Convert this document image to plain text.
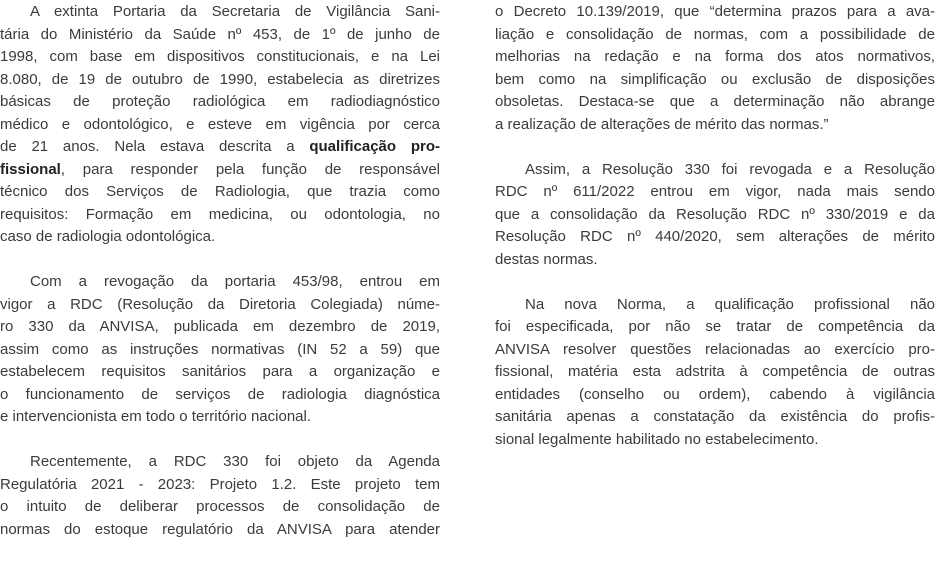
A extinta Portaria da Secretaria de Vigilância Sani-
tária do Ministério da Saúde nº 453, de 1º de junho de
1998, com base em dispositivos constitucionais, e na Lei
8.080, de 19 de outubro de 1990, estabelecia as diretrizes
básicas de proteção radiológica em radiodiagnóstico
médico e odontológico, e esteve em vigência por cerca
de 21 anos. Nela estava descrita a qualificação pro-
fissional, para responder pela função de responsável
técnico dos Serviços de Radiologia, que trazia como
requisitos: Formação em medicina, ou odontologia, no
caso de radiologia odontológica.
Com a revogação da portaria 453/98, entrou em
vigor a RDC (Resolução da Diretoria Colegiada) núme-
ro 330 da ANVISA, publicada em dezembro de 2019,
assim como as instruções normativas (IN 52 a 59) que
estabelecem requisitos sanitários para a organização e
o funcionamento de serviços de radiologia diagnóstica
e intervencionista em todo o território nacional.
Recentemente, a RDC 330 foi objeto da Agenda
Regulatória 2021 - 2023: Projeto 1.2. Este projeto tem
o intuito de deliberar processos de consolidação de
normas do estoque regulatório da ANVISA para atender
o Decreto 10.139/2019, que “determina prazos para a ava-
liação e consolidação de normas, com a possibilidade de
melhorias na redação e na forma dos atos normativos,
bem como na simplificação ou exclusão de disposições
obsoletas. Destaca-se que a determinação não abrange
a realização de alterações de mérito das normas.”
Assim, a Resolução 330 foi revogada e a Resolução
RDC nº 611/2022 entrou em vigor, nada mais sendo
que a consolidação da Resolução RDC nº 330/2019 e da
Resolução RDC nº 440/2020, sem alterações de mérito
destas normas.
Na nova Norma, a qualificação profissional não
foi especificada, por não se tratar de competência da
ANVISA resolver questões relacionadas ao exercício pro-
fissional, matéria esta adstrita à competência de outras
entidades (conselho ou ordem), cabendo à vigilância
sanitária apenas a constatação da existência do profis-
sional legalmente habilitado no estabelecimento.
